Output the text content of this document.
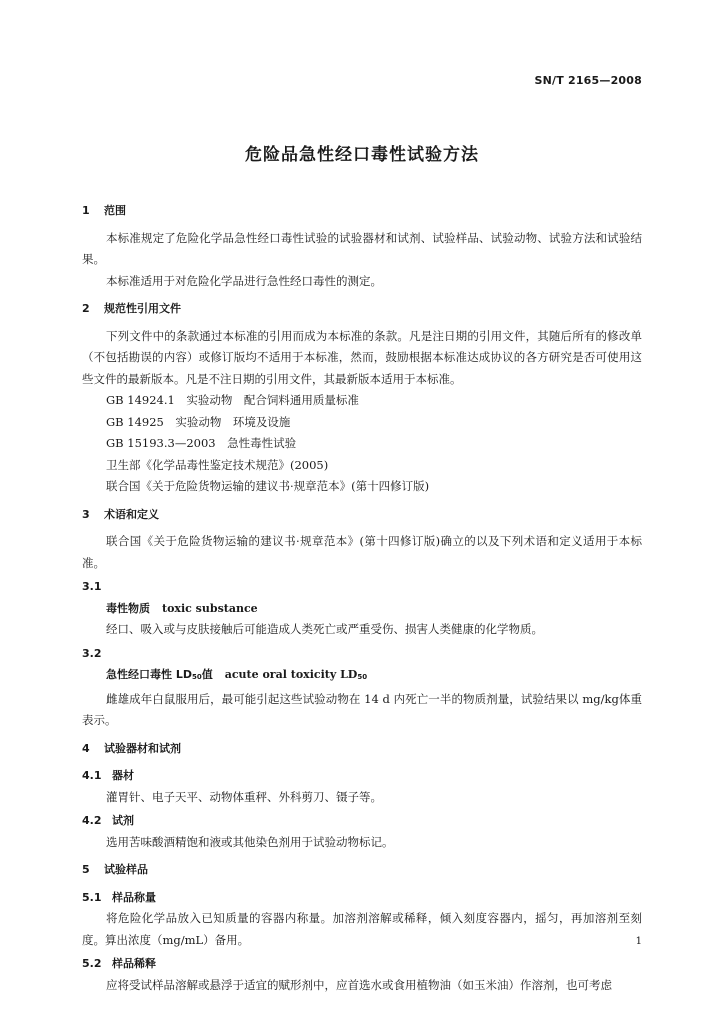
SN/T 2165—2008
危险品急性经口毒性试验方法
1 范围

本标准规定了危险化学品急性经口毒性试验的试验器材和试剂、试验样品、试验动物、试验方法和试验结果。

本标准适用于对危险化学品进行急性经口毒性的测定。

2 规范性引用文件

下列文件中的条款通过本标准的引用而成为本标准的条款。凡是注日期的引用文件，其随后所有的修改单（不包括勘误的内容）或修订版均不适用于本标准，然而，鼓励根据本标准达成协议的各方研究是否可使用这些文件的最新版本。凡是不注日期的引用文件，其最新版本适用于本标准。

GB 14924.1　实验动物　配合饲料通用质量标准
GB 14925　实验动物　环境及设施
GB 15193.3—2003　急性毒性试验
卫生部《化学品毒性鉴定技术规范》(2005)
联合国《关于危险货物运输的建议书·规章范本》(第十四修订版)
3 术语和定义

联合国《关于危险货物运输的建议书·规章范本》(第十四修订版)确立的以及下列术语和定义适用于本标准。

3.1
毒性物质 toxic substance

经口、吸入或与皮肤接触后可能造成人类死亡或严重受伤、损害人类健康的化学物质。

3.2
急性经口毒性 LD50值 acute oral toxicity LD50

雌雄成年白鼠服用后，最可能引起这些试验动物在 14 d 内死亡一半的物质剂量，试验结果以 mg/kg体重表示。

4 试验器材和试剂
4.1 器材

灌胃针、电子天平、动物体重秤、外科剪刀、镊子等。

4.2 试剂

选用苦味酸酒精饱和液或其他染色剂用于试验动物标记。

5 试验样品
5.1 样品称量

将危险化学品放入已知质量的容器内称量。加溶剂溶解或稀释，倾入刻度容器内，摇匀，再加溶剂至刻度。算出浓度（mg/mL）备用。

5.2 样品稀释

应将受试样品溶解或悬浮于适宜的赋形剂中，应首选水或食用植物油（如玉米油）作溶剂，也可考虑

1
